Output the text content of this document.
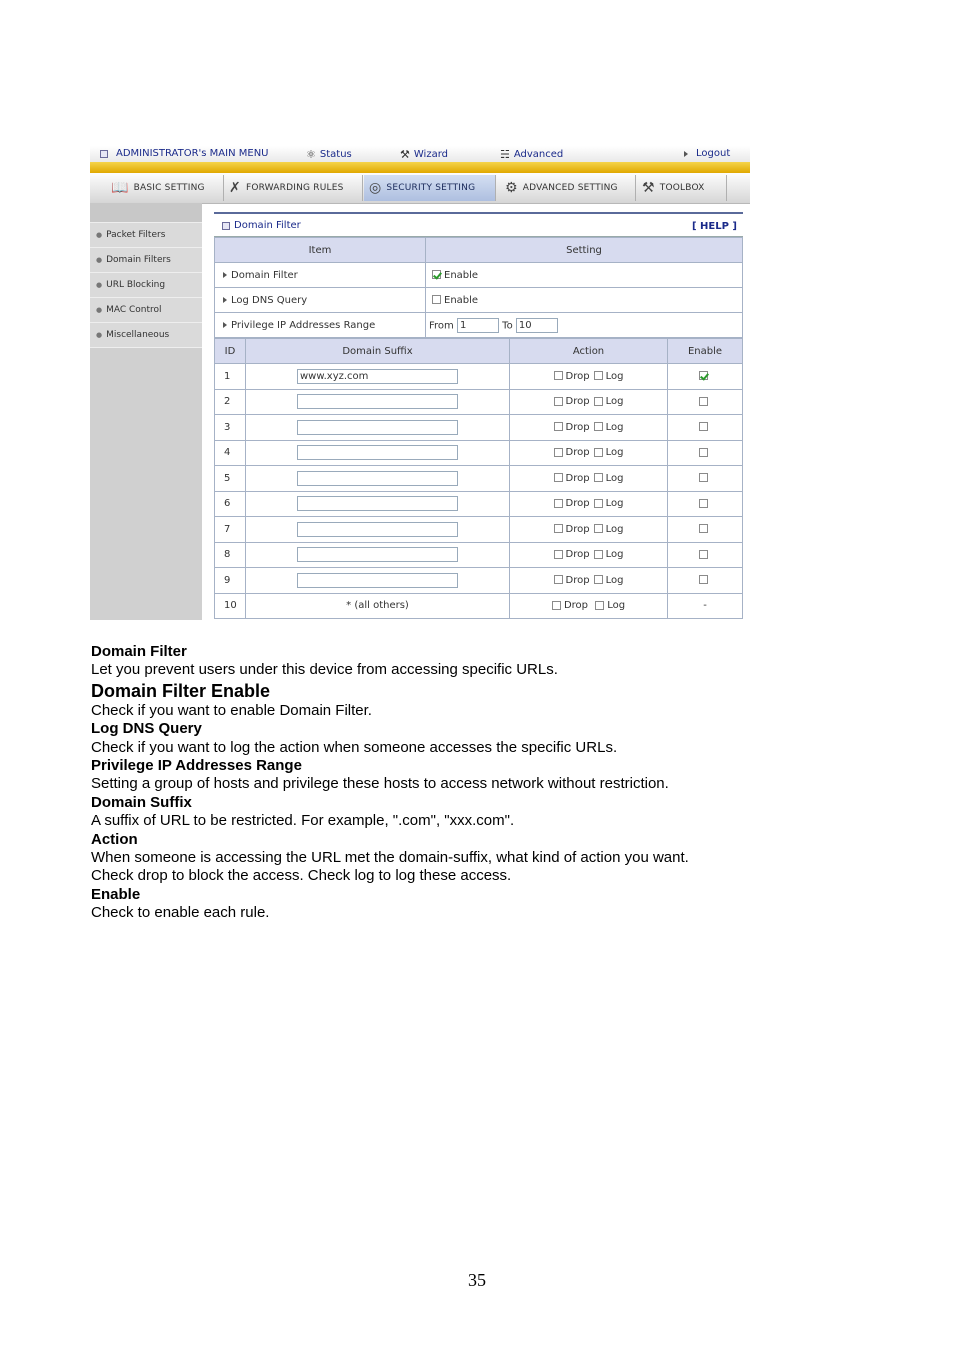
ADMINISTRATOR's MAIN MENU	⚛ Status	⚒ Wizard	☵ Advanced	Logout
📖 BASIC SETTING ✗ FORWARDING RULES ◎ SECURITY SETTING ⚙ ADVANCED SETTING ⚒ TOOLBOX
● Packet Filters
● Domain Filters
● URL Blocking
● MAC Control
● Miscellaneous
Domain Filter	[ HELP ]
Item	Setting
Domain Filter	Enable
Log DNS Query	Enable
Privilege IP Addresses Range	From 1 To 10
ID	Domain Suffix	Action	Enable
1	www.xyz.com	Drop Log	
2		Drop Log	
3		Drop Log	
4		Drop Log	
5		Drop Log	
6		Drop Log	
7		Drop Log	
8		Drop Log	
9		Drop Log	
10	* (all others)	Drop Log	-
Domain Filter
Let you prevent users under this device from accessing specific URLs.
Domain Filter Enable
Check if you want to enable Domain Filter.
Log DNS Query
Check if you want to log the action when someone accesses the specific URLs.
Privilege IP Addresses Range
Setting a group of hosts and privilege these hosts to access network without restriction.
Domain Suffix
A suffix of URL to be restricted. For example, ".com", "xxx.com".
Action
When someone is accessing the URL met the domain-suffix, what kind of action you want.
Check drop to block the access. Check log to log these access.
Enable
Check to enable each rule.
35
